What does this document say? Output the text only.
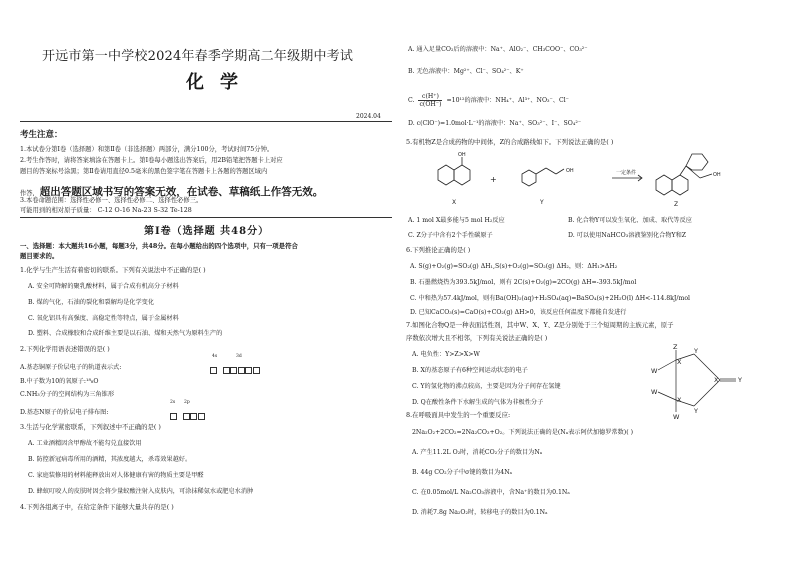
开远市第一中学校2024年春季学期高二年级期中考试
化学
2024.04
考生注意：
1.本试卷分第Ⅰ卷（选择题）和第Ⅱ卷（非选择题）两部分，满分100分，考试时间75分钟。
2.考生作答时，请将答案填涂在答题卡上。第Ⅰ卷每小题选出答案后，用2B铅笔把答题卡上对应
题目的答案标号涂黑；第Ⅱ卷请用直径0.5毫米的黑色签字笔在答题卡上各题的答题区域内
作答, 超出答题区域书写的答案无效，在试卷、草稿纸上作答无效。
3.本卷命题范围：选择性必修一、选择性必修二、选择性必修三。
可能用到的相对原子质量： C-12 O-16 Na-23 S-32 Te-128
第Ⅰ卷（选择题 共48分）
一、选择题：本大题共16小题，每题3分，共48分。在每小题给出的四个选项中，只有一项是符合
题目要求的。
1.化学与生产生活有着密切的联系。下列有关说法中不正确的是( )
A. 安全可降解的聚乳酸材料，属于合成有机高分子材料
B. 煤的气化，石油的裂化和裂解均是化学变化
C. 氧化铝具有高强度、高稳定性等特点，属于金属材料
D. 塑料、合成橡胶和合成纤维主要是以石油、煤和天然气为原料生产的
2.下列化学用语表述错误的是( )
4s	3d
A.基态铜原子价层电子的轨道表示式:

B.中子数为10的氧原子:¹⁸₈O
C.NH₃分子的空间结构为三角锥形
2s 2p
D.基态N原子的价层电子排布图:

3.生活与化学紧密联系，下列叙述中不正确的是( )
A. 工业酒精因含甲醇故不能勾兑直接饮用
B. 防控新冠病毒所用的酒精，其浓度越大，杀毒效果越好。
C. 家庭装修用的材料能释放出对人体健康有害的物质主要是甲醛
D. 蜂蚁叮咬人的皮肤时因会将少量蚁酸注射入皮肤内，可涂抹稀氨水或肥皂水消肿
4.下列各组离子中，在给定条件下能够大量共存的是( )
A. 通入足量CO₂后的溶液中：Na⁺、AlO₂⁻、CH₃COO⁻、CO₃²⁻
B. 无色溶液中：Mg²⁺、Cl⁻、SO₄²⁻、K⁺
C. $\frac{c(H^+)}{c(OH^-)} =10^{12}$的溶液中：NH₄⁺、Al³⁺、NO₃⁻、Cl⁻
D. c(ClO⁻)=1.0mol·L⁻¹的溶液中：Na⁺、SO₃²⁻、I⁻、SO₄²⁻
5.有机物Z是合成药物的中间体，Z的合成路线如下。下列说法正确的是( )
OH
+
OH	一定条件	OH
X	Y	Z
A. 1 mol X最多能与5 mol H₂反应	B. 化合物Y可以发生氧化、加成、取代等反应
C. Z分子中含有2个手性碳原子	D. 可以使用NaHCO₃溶液鉴别化合物Y和Z
6.下列推论正确的是( )
A. S(g)+O₂(g)=SO₂(g) ΔH₁,S(s)+O₂(g)=SO₂(g) ΔH₂，则：ΔH₁>ΔH₂
B. 石墨燃烧热为393.5kJ/mol，则有 2C(s)+O₂(g)=2CO(g) ΔH=-393.5kJ/mol
C. 中和热为57.4kJ/mol，则有Ba(OH)₂(aq)+H₂SO₄(aq)=BaSO₄(s)+2H₂O(l) ΔH<-114.8kJ/mol
D. 已知CaCO₃(s)=CaO(s)+CO₂(g) ΔH>0，该反应任何温度下都能自发进行
7.如图化合物Q是一种表面活性剂，其中W、X、Y、Z是分别处于三个短周期的主族元素，原子
序数依次增大且不相邻，下列有关说法正确的是( )
A. 电负性：Y>Z>X>W
B. X的基态原子有6种空间运动状态的电子
C. Y的氢化物的沸点较高，主要是因为分子间存在氢键
D. Q在酸性条件下水解生成的气体为非极性分子
Z
W
X
Y
X
W
W
Y
X	Y
8.在呼吸面具中发生的一个重要反应:
2Na₂O₂+2CO₂=2Na₂CO₃+O₂。下列说法正确的是(Nₐ表示阿伏加德罗常数)( )
A. 产生11.2L O₂时，消耗CO₂分子的数目为Nₐ
B. 44g CO₂分子中σ键的数目为4Nₐ
C. 在0.05mol/L Na₂CO₃溶液中，含Na⁺的数目为0.1Nₐ
D. 消耗7.8g Na₂O₂时，转移电子的数目为0.1Nₐ
